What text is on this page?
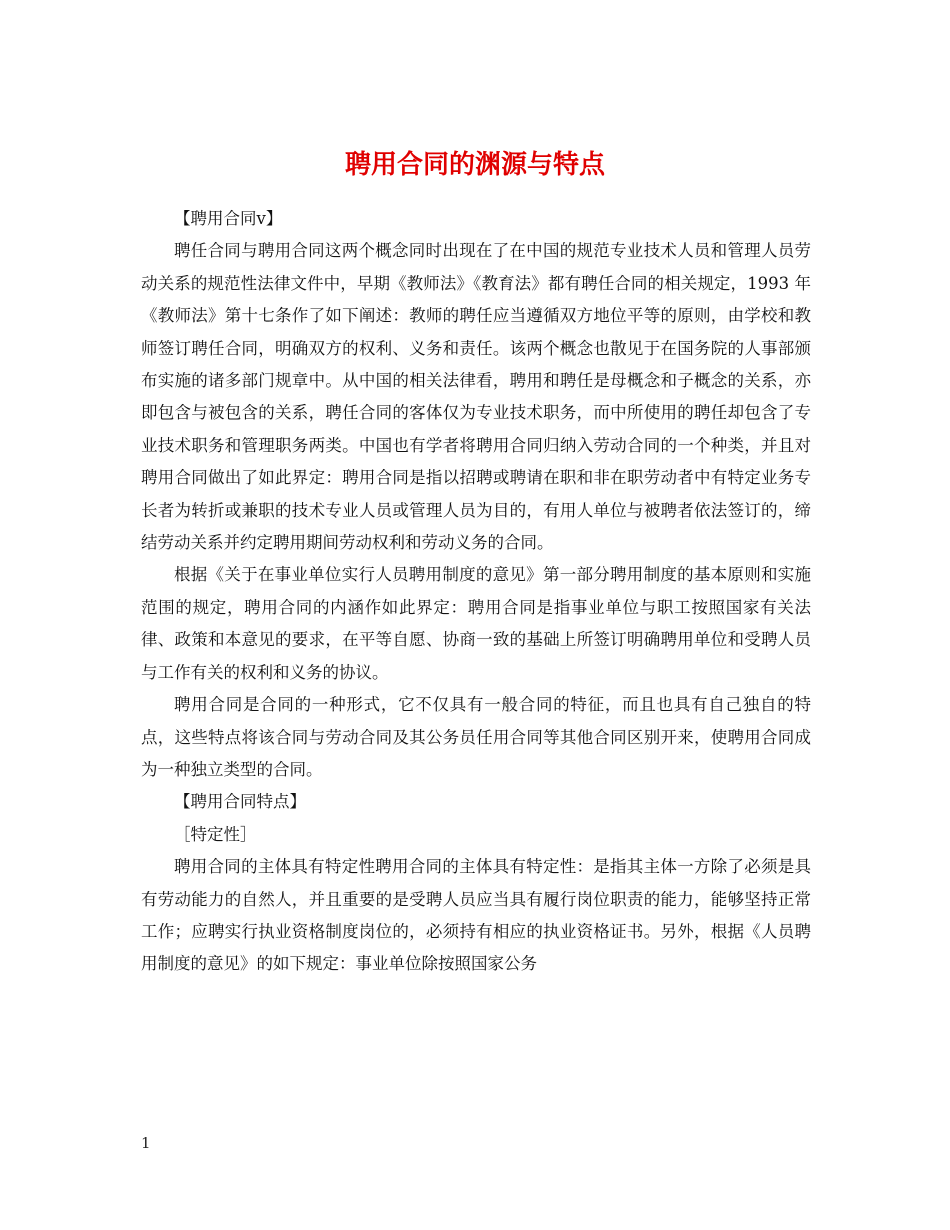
聘用合同的渊源与特点

【聘用合同v】

聘任合同与聘用合同这两个概念同时出现在了在中国的规范专业技术人员和管理人员劳动关系的规范性法律文件中，早期《教师法》《教育法》都有聘任合同的相关规定，1993 年《教师法》第十七条作了如下阐述：教师的聘任应当遵循双方地位平等的原则，由学校和教师签订聘任合同，明确双方的权利、义务和责任。该两个概念也散见于在国务院的人事部颁布实施的诸多部门规章中。从中国的相关法律看，聘用和聘任是母概念和子概念的关系，亦即包含与被包含的关系，聘任合同的客体仅为专业技术职务，而中所使用的聘任却包含了专业技术职务和管理职务两类。中国也有学者将聘用合同归纳入劳动合同的一个种类，并且对聘用合同做出了如此界定：聘用合同是指以招聘或聘请在职和非在职劳动者中有特定业务专长者为转折或兼职的技术专业人员或管理人员为目的，有用人单位与被聘者依法签订的，缔结劳动关系并约定聘用期间劳动权利和劳动义务的合同。

根据《关于在事业单位实行人员聘用制度的意见》第一部分聘用制度的基本原则和实施范围的规定，聘用合同的内涵作如此界定：聘用合同是指事业单位与职工按照国家有关法律、政策和本意见的要求，在平等自愿、协商一致的基础上所签订明确聘用单位和受聘人员与工作有关的权利和义务的协议。

聘用合同是合同的一种形式，它不仅具有一般合同的特征，而且也具有自己独自的特点，这些特点将该合同与劳动合同及其公务员任用合同等其他合同区别开来，使聘用合同成为一种独立类型的合同。

【聘用合同特点】

［特定性］

聘用合同的主体具有特定性聘用合同的主体具有特定性：是指其主体一方除了必须是具有劳动能力的自然人，并且重要的是受聘人员应当具有履行岗位职责的能力，能够坚持正常工作；应聘实行执业资格制度岗位的，必须持有相应的执业资格证书。另外，根据《人员聘用制度的意见》的如下规定：事业单位除按照国家公务

1
